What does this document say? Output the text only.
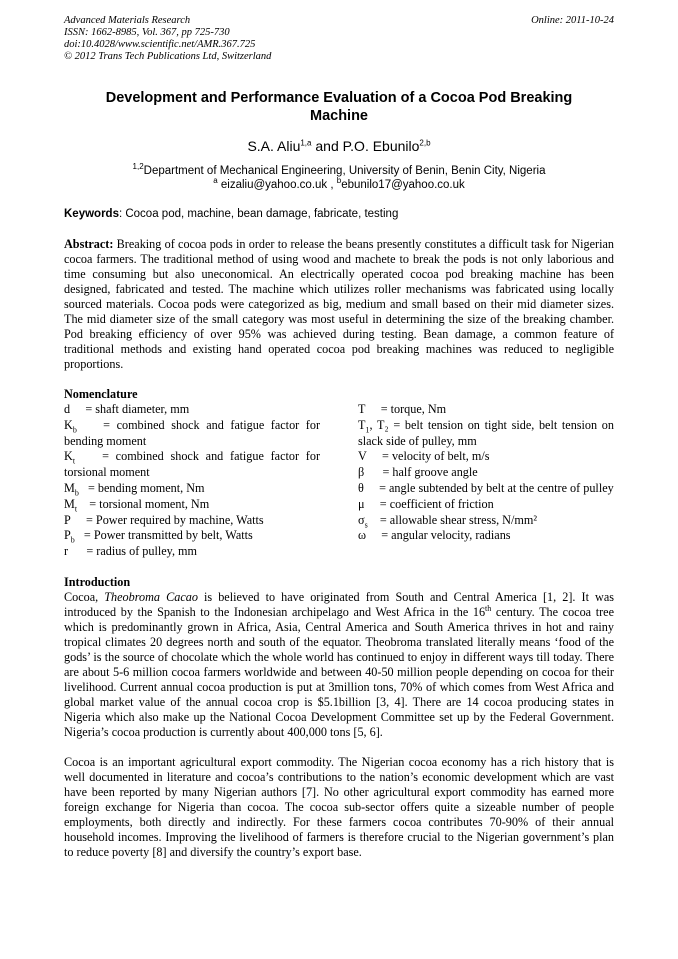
Advanced Materials Research
ISSN: 1662-8985, Vol. 367, pp 725-730
doi:10.4028/www.scientific.net/AMR.367.725
© 2012 Trans Tech Publications Ltd, Switzerland
Online: 2011-10-24
Development and Performance Evaluation of a Cocoa Pod Breaking Machine
S.A. Aliu$^{1,a}$ and P.O. Ebunilo$^{2,b}$
$^{1,2}$Department of Mechanical Engineering, University of Benin, Benin City, Nigeria
$^a$ eizaliu@yahoo.co.uk , $^b$ebunilo17@yahoo.co.uk
Keywords: Cocoa pod, machine, bean damage, fabricate, testing
Abstract: Breaking of cocoa pods in order to release the beans presently constitutes a difficult task for Nigerian cocoa farmers. The traditional method of using wood and machete to break the pods is not only laborious and time consuming but also uneconomical. An electrically operated cocoa pod breaking machine has been designed, fabricated and tested. The machine which utilizes roller mechanisms was fabricated using locally sourced materials. Cocoa pods were categorized as big, medium and small based on their mid diameter sizes. The mid diameter size of the small category was most useful in determining the size of the breaking chamber. Pod breaking efficiency of over 95% was achieved during testing. Bean damage, a common feature of traditional methods and existing hand operated cocoa pod breaking machines was reduced to negligible proportions.
Nomenclature
d = shaft diameter, mm
$K_b$ = combined shock and fatigue factor for bending moment
$K_t$ = combined shock and fatigue factor for torsional moment
$M_b$ = bending moment, Nm
$M_t$ = torsional moment, Nm
P = Power required by machine, Watts
$P_b$ = Power transmitted by belt, Watts
r = radius of pulley, mm
T = torque, Nm
$T_1$, T₂ = belt tension on tight side, belt tension on slack side of pulley, mm
V = velocity of belt, m/s
β = half groove angle
θ = angle subtended by belt at the centre of pulley
μ = coefficient of friction
$\sigma_s$ = allowable shear stress, N/mm²
ω = angular velocity, radians
Introduction
Cocoa, Theobroma Cacao is believed to have originated from South and Central America [1, 2]. It was introduced by the Spanish to the Indonesian archipelago and West Africa in the 16th century. The cocoa tree which is predominantly grown in Africa, Asia, Central America and South America thrives in hot and rainy tropical climates 20 degrees north and south of the equator. Theobroma translated literally means ‘food of the gods’ is the source of chocolate which the whole world has continued to enjoy in different ways till today. There are about 5-6 million cocoa farmers worldwide and between 40-50 million people depending on cocoa for their livelihood. Current annual cocoa production is put at 3million tons, 70% of which comes from West Africa and global market value of the annual cocoa crop is $5.1billion [3, 4]. There are 14 cocoa producing states in Nigeria which also make up the National Cocoa Development Committee set up by the Federal Government. Nigeria’s cocoa production is currently about 400,000 tons [5, 6].
Cocoa is an important agricultural export commodity. The Nigerian cocoa economy has a rich history that is well documented in literature and cocoa’s contributions to the nation’s economic development which are vast have been reported by many Nigerian authors [7]. No other agricultural export commodity has earned more foreign exchange for Nigeria than cocoa. The cocoa sub-sector offers quite a sizeable number of people employments, both directly and indirectly. For these farmers cocoa contributes 70-90% of their annual household incomes. Improving the livelihood of farmers is therefore crucial to the Nigerian government’s plan to reduce poverty [8] and diversify the country’s export base.
